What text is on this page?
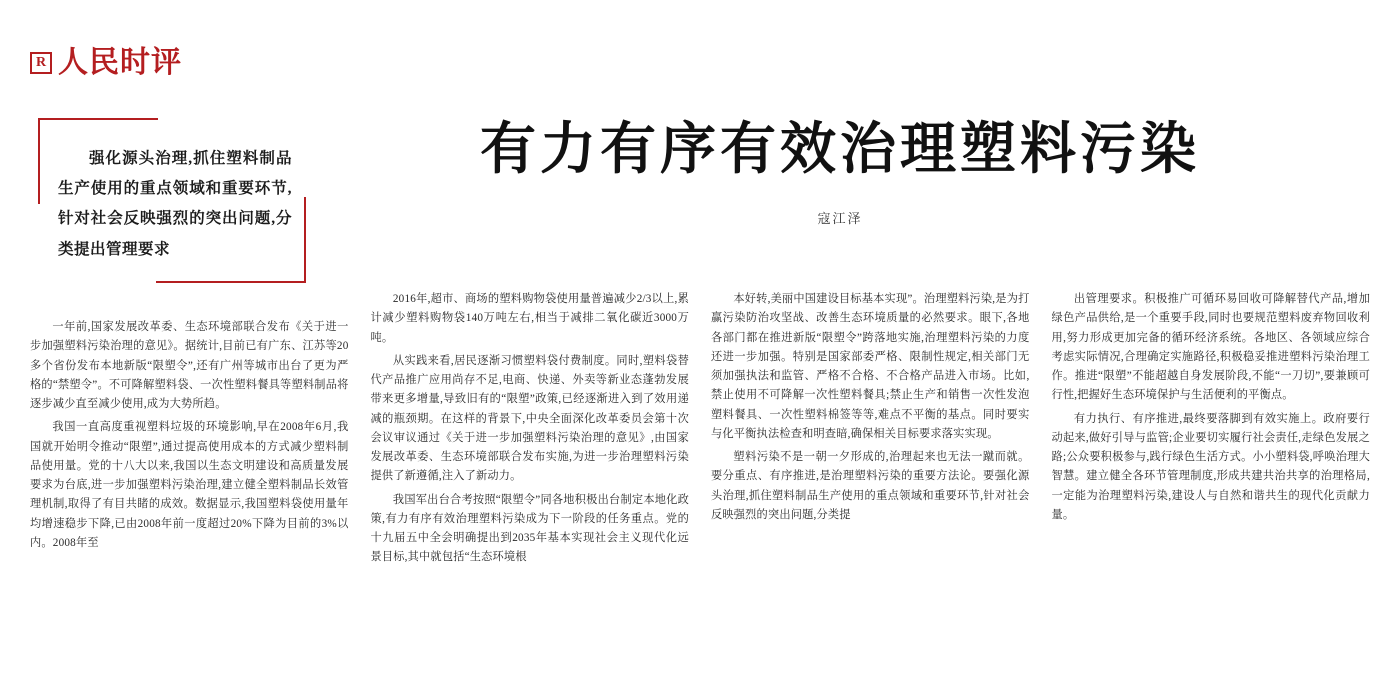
R 人民时评
强化源头治理,抓住塑料制品生产使用的重点领域和重要环节,针对社会反映强烈的突出问题,分类提出管理要求
有力有序有效治理塑料污染
寇江泽

一年前,国家发展改革委、生态环境部联合发布《关于进一步加强塑料污染治理的意见》。据统计,目前已有广东、江苏等20多个省份发布本地新版“限塑令”,还有广州等城市出台了更为严格的“禁塑令”。不可降解塑料袋、一次性塑料餐具等塑料制品将逐步减少直至减少使用,成为大势所趋。

我国一直高度重视塑料垃圾的环境影响,早在2008年6月,我国就开始明令推动“限塑”,通过提高使用成本的方式减少塑料制品使用量。党的十八大以来,我国以生态文明建设和高质量发展要求为台底,进一步加强塑料污染治理,建立健全塑料制品长效管理机制,取得了有目共睹的成效。数据显示,我国塑料袋使用量年均增速稳步下降,已由2008年前一度超过20%下降为目前的3%以内。2008年至

2016年,超市、商场的塑料购物袋使用量普遍减少2/3以上,累计减少塑料购物袋140万吨左右,相当于减排二氧化碳近3000万吨。

从实践来看,居民逐渐习惯塑料袋付费制度。同时,塑料袋替代产品推广应用尚存不足,电商、快递、外卖等新业态蓬勃发展带来更多增量,导致旧有的“限塑”政策,已经逐渐进入到了效用递减的瓶颈期。在这样的背景下,中央全面深化改革委员会第十次会议审议通过《关于进一步加强塑料污染治理的意见》,由国家发展改革委、生态环境部联合发布实施,为进一步治理塑料污染提供了新遵循,注入了新动力。

我国军出台合考按照“限塑令”同各地积极出台制定本地化政策,有力有序有效治理塑料污染成为下一阶段的任务重点。党的十九届五中全会明确提出到2035年基本实现社会主义现代化远景目标,其中就包括“生态环境根

本好转,美丽中国建设目标基本实现”。治理塑料污染,是为打赢污染防治攻坚战、改善生态环境质量的必然要求。眼下,各地各部门都在推进新版“限塑令”跨落地实施,治理塑料污染的力度还进一步加强。特别是国家部委严格、限制性规定,相关部门无须加强执法和监管、严格不合格、不合格产品进入市场。比如,禁止使用不可降解一次性塑料餐具;禁止生产和销售一次性发泡塑料餐具、一次性塑料棉签等等,难点不平衡的基点。同时要实与化平衡执法检查和明查暗,确保相关目标要求落实实现。

塑料污染不是一朝一夕形成的,治理起来也无法一蹴而就。要分重点、有序推进,是治理塑料污染的重要方法论。要强化源头治理,抓住塑料制品生产使用的重点领域和重要环节,针对社会反映强烈的突出问题,分类提

出管理要求。积极推广可循环易回收可降解替代产品,增加绿色产品供给,是一个重要手段,同时也要规范塑料废弃物回收利用,努力形成更加完备的循环经济系统。各地区、各领域应综合考虑实际情况,合理确定实施路径,积极稳妥推进塑料污染治理工作。推进“限塑”不能超越自身发展阶段,不能“一刀切”,要兼顾可行性,把握好生态环境保护与生活便利的平衡点。

有力执行、有序推进,最终要落脚到有效实施上。政府要行动起来,做好引导与监管;企业要切实履行社会责任,走绿色发展之路;公众要积极参与,践行绿色生活方式。小小塑料袋,呼唤治理大智慧。建立健全各环节管理制度,形成共建共治共享的治理格局,一定能为治理塑料污染,建设人与自然和谐共生的现代化贡献力量。
